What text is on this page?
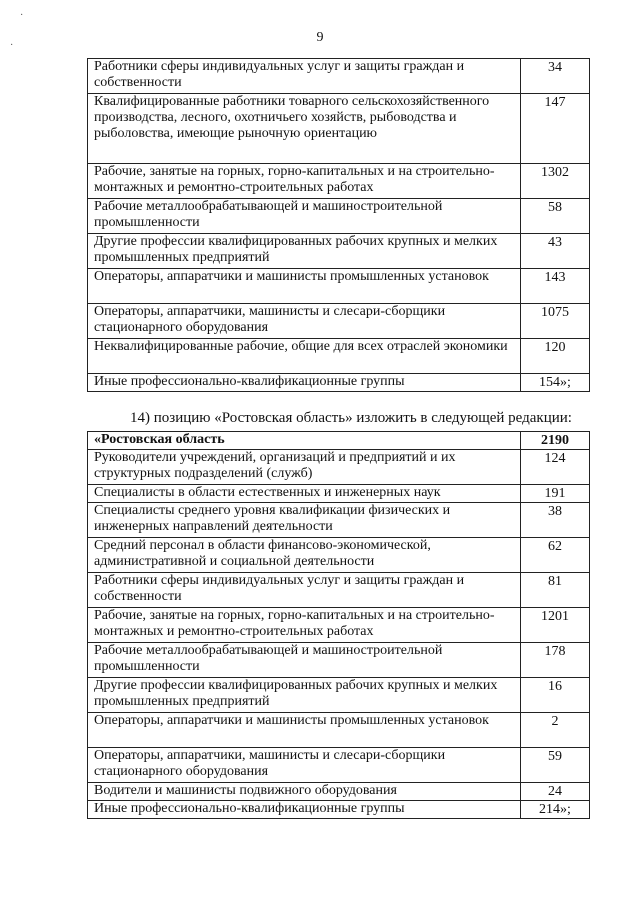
9
Работники сферы индивидуальных услуг и защиты граждан и собственности	34
Квалифицированные работники товарного сельскохозяйственного производства, лесного, охотничьего хозяйств, рыбоводства и рыболовства, имеющие рыночную ориентацию	147
Рабочие, занятые на горных, горно-капитальных и на строительно-монтажных и ремонтно-строительных работах	1302
Рабочие металлообрабатывающей и машиностроительной промышленности	58
Другие профессии квалифицированных рабочих крупных и мелких промышленных предприятий	43
Операторы, аппаратчики и машинисты промышленных установок	143
Операторы, аппаратчики, машинисты и слесари-сборщики стационарного оборудования	1075
Неквалифицированные рабочие, общие для всех отраслей экономики	120
Иные профессионально-квалификационные группы	154»;
14) позицию «Ростовская область» изложить в следующей редакции:
«Ростовская область	2190
Руководители учреждений, организаций и предприятий и их структурных подразделений (служб)	124
Специалисты в области естественных и инженерных наук	191
Специалисты среднего уровня квалификации физических и инженерных направлений деятельности	38
Средний персонал в области финансово-экономической, административной и социальной деятельности	62
Работники сферы индивидуальных услуг и защиты граждан и собственности	81
Рабочие, занятые на горных, горно-капитальных и на строительно-монтажных и ремонтно-строительных работах	1201
Рабочие металлообрабатывающей и машиностроительной промышленности	178
Другие профессии квалифицированных рабочих крупных и мелких промышленных предприятий	16
Операторы, аппаратчики и машинисты промышленных установок	2
Операторы, аппаратчики, машинисты и слесари-сборщики стационарного оборудования	59
Водители и машинисты подвижного оборудования	24
Иные профессионально-квалификационные группы	214»;
·
·
